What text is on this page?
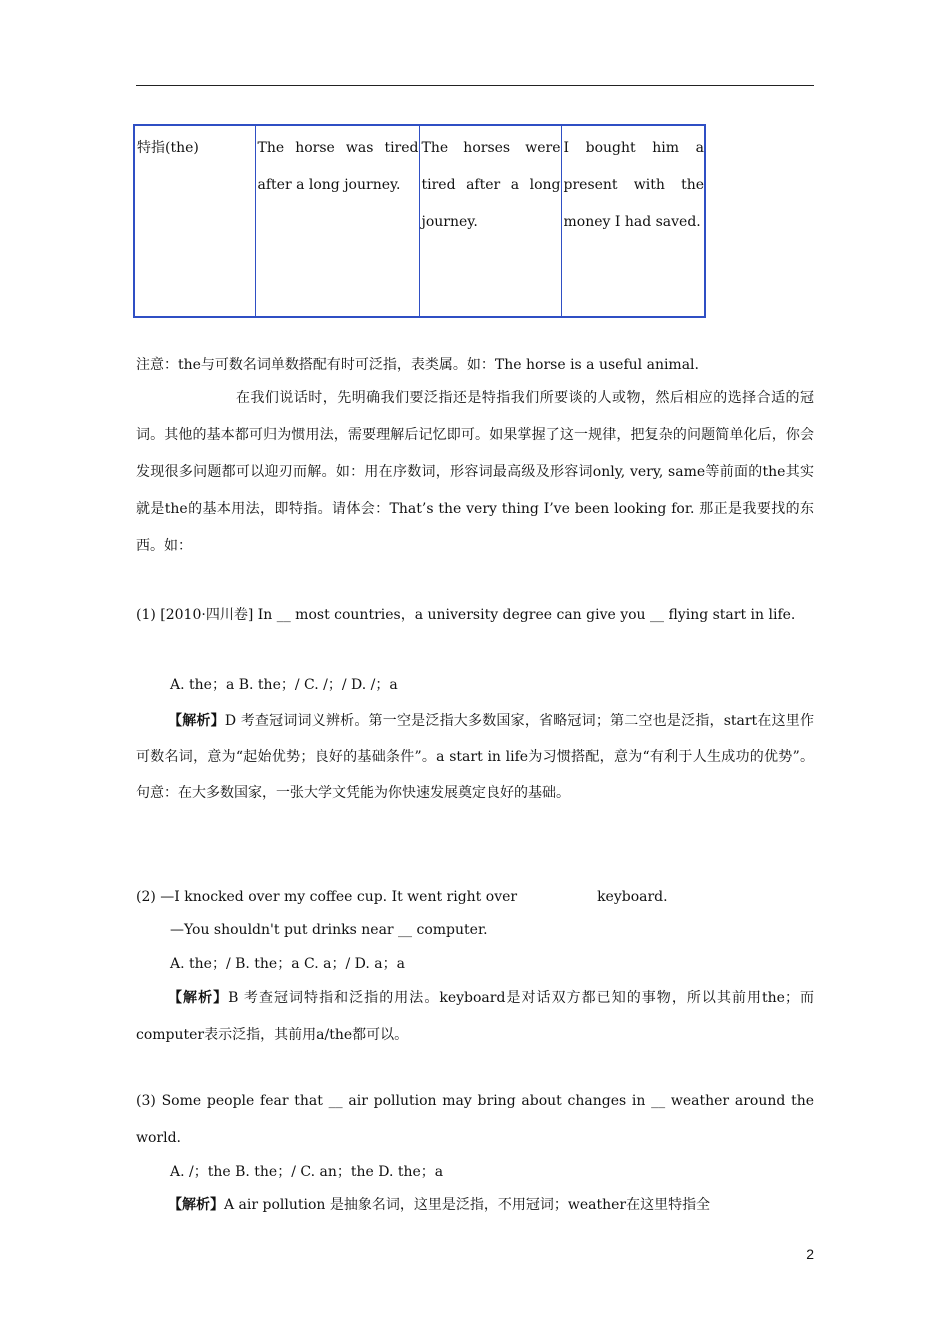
特指(the)	The horse was tired after a long journey.	The horses were tired after a long journey.	I bought him a present with the money I had saved.

注意：the与可数名词单数搭配有时可泛指，表类属。如：The horse is a useful animal.

在我们说话时，先明确我们要泛指还是特指我们所要谈的人或物，然后相应的选择合适的冠词。其他的基本都可归为惯用法，需要理解后记忆即可。如果掌握了这一规律，把复杂的问题简单化后，你会发现很多问题都可以迎刃而解。如：用在序数词，形容词最高级及形容词only, very, same等前面的the其实就是the的基本用法，即特指。请体会：That’s the very thing I’ve been looking for. 那正是我要找的东西。如：

(1) [2010·四川卷] In __ most countries，a university degree can give you __ flying start in life.

A. the；a B. the；/ C. /；/ D. /；a

【解析】D 考查冠词词义辨析。第一空是泛指大多数国家，省略冠词；第二空也是泛指，start在这里作可数名词，意为“起始优势；良好的基础条件”。a start in life为习惯搭配，意为“有利于人生成功的优势”。句意：在大多数国家，一张大学文凭能为你快速发展奠定良好的基础。

(2) —I knocked over my coffee cup. It went right over	keyboard.

—You shouldn't put drinks near __ computer.

A. the；/ B. the；a C. a；/ D. a；a

【解析】B 考查冠词特指和泛指的用法。keyboard是对话双方都已知的事物，所以其前用the；而computer表示泛指，其前用a/the都可以。

(3) Some people fear that __ air pollution may bring about changes in __ weather around the world.

A. /；the B. the；/ C. an；the D. the；a

【解析】A air pollution 是抽象名词，这里是泛指，不用冠词；weather在这里特指全

2
